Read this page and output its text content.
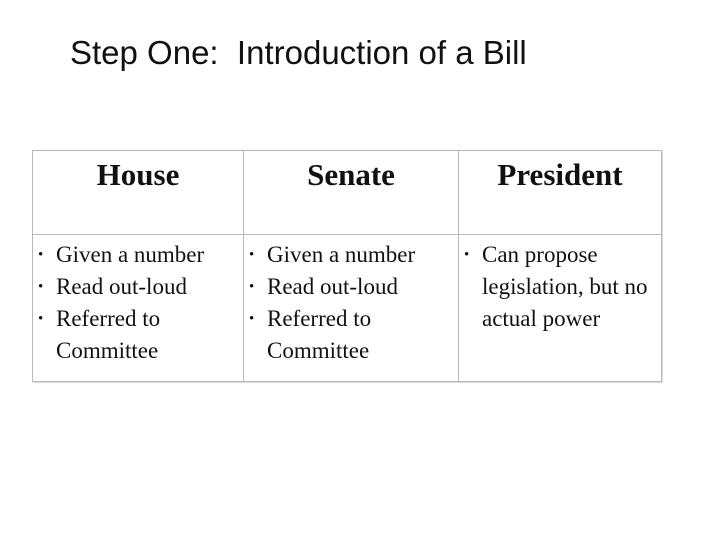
Step One:  Introduction of a Bill
House	Senate	President
• Given a number
• Read out-loud
• Referred to Committee
• Given a number
• Read out-loud
• Referred to Committee
• Can propose legislation, but no actual power
